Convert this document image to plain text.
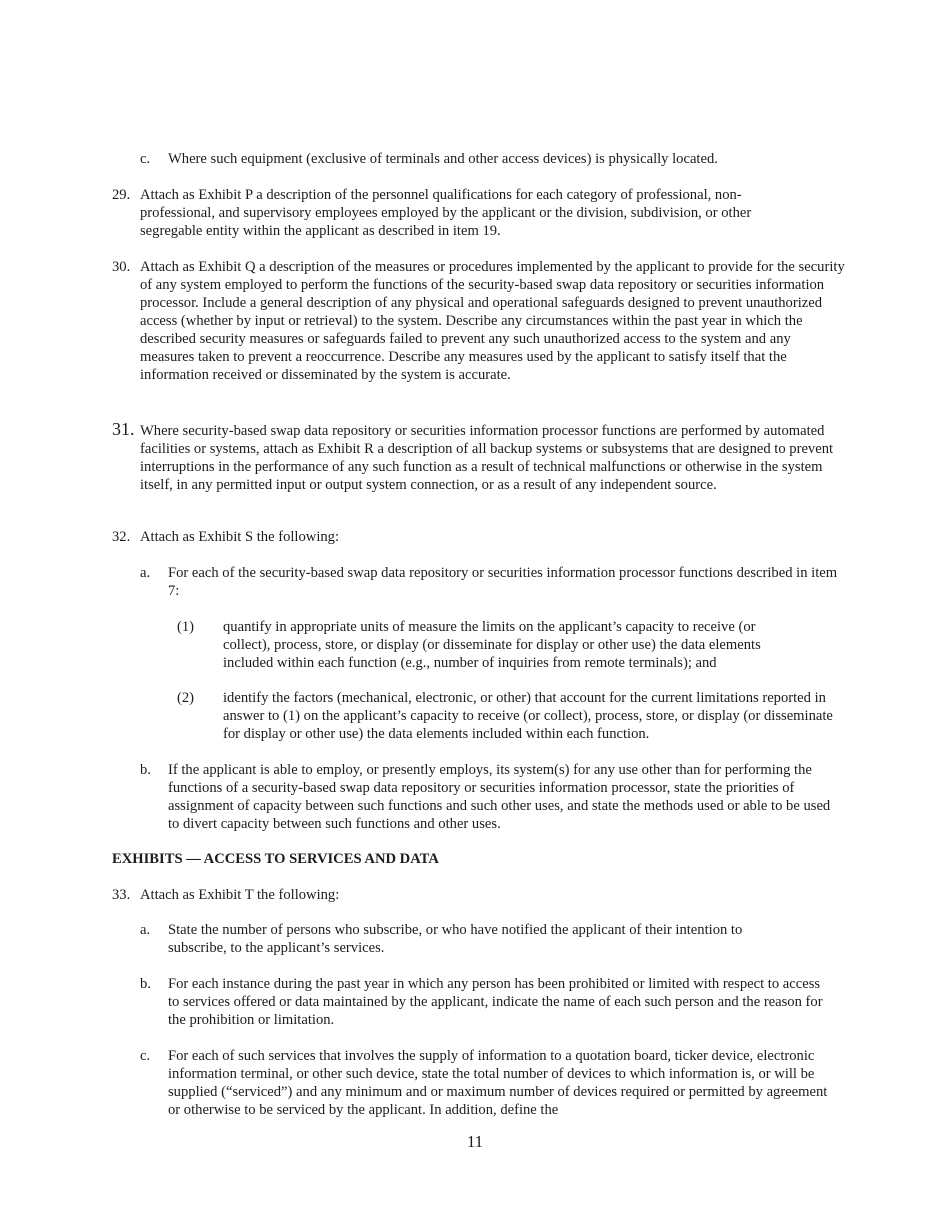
c. Where such equipment (exclusive of terminals and other access devices) is physically located.

29. Attach as Exhibit P a description of the personnel qualifications for each category of professional, non-professional, and supervisory employees employed by the applicant or the division, subdivision, or other segregable entity within the applicant as described in item 19.

30. Attach as Exhibit Q a description of the measures or procedures implemented by the applicant to provide for the security of any system employed to perform the functions of the security-based swap data repository or securities information processor. Include a general description of any physical and operational safeguards designed to prevent unauthorized access (whether by input or retrieval) to the system. Describe any circumstances within the past year in which the described security measures or safeguards failed to prevent any such unauthorized access to the system and any measures taken to prevent a reoccurrence. Describe any measures used by the applicant to satisfy itself that the information received or disseminated by the system is accurate.

31. Where security-based swap data repository or securities information processor functions are performed by automated facilities or systems, attach as Exhibit R a description of all backup systems or subsystems that are designed to prevent interruptions in the performance of any such function as a result of technical malfunctions or otherwise in the system itself, in any permitted input or output system connection, or as a result of any independent source.

32. Attach as Exhibit S the following:

a. For each of the security-based swap data repository or securities information processor functions described in item 7:

(1) quantify in appropriate units of measure the limits on the applicant’s capacity to receive (or collect), process, store, or display (or disseminate for display or other use) the data elements included within each function (e.g., number of inquiries from remote terminals); and

(2) identify the factors (mechanical, electronic, or other) that account for the current limitations reported in answer to (1) on the applicant’s capacity to receive (or collect), process, store, or display (or disseminate for display or other use) the data elements included within each function.

b. If the applicant is able to employ, or presently employs, its system(s) for any use other than for performing the functions of a security-based swap data repository or securities information processor, state the priorities of assignment of capacity between such functions and such other uses, and state the methods used or able to be used to divert capacity between such functions and other uses.

EXHIBITS — ACCESS TO SERVICES AND DATA
33. Attach as Exhibit T the following:

a. State the number of persons who subscribe, or who have notified the applicant of their intention to subscribe, to the applicant’s services.

b. For each instance during the past year in which any person has been prohibited or limited with respect to access to services offered or data maintained by the applicant, indicate the name of each such person and the reason for the prohibition or limitation.

c. For each of such services that involves the supply of information to a quotation board, ticker device, electronic information terminal, or other such device, state the total number of devices to which information is, or will be supplied (“serviced”) and any minimum and or maximum number of devices required or permitted by agreement or otherwise to be serviced by the applicant. In addition, define the

11
